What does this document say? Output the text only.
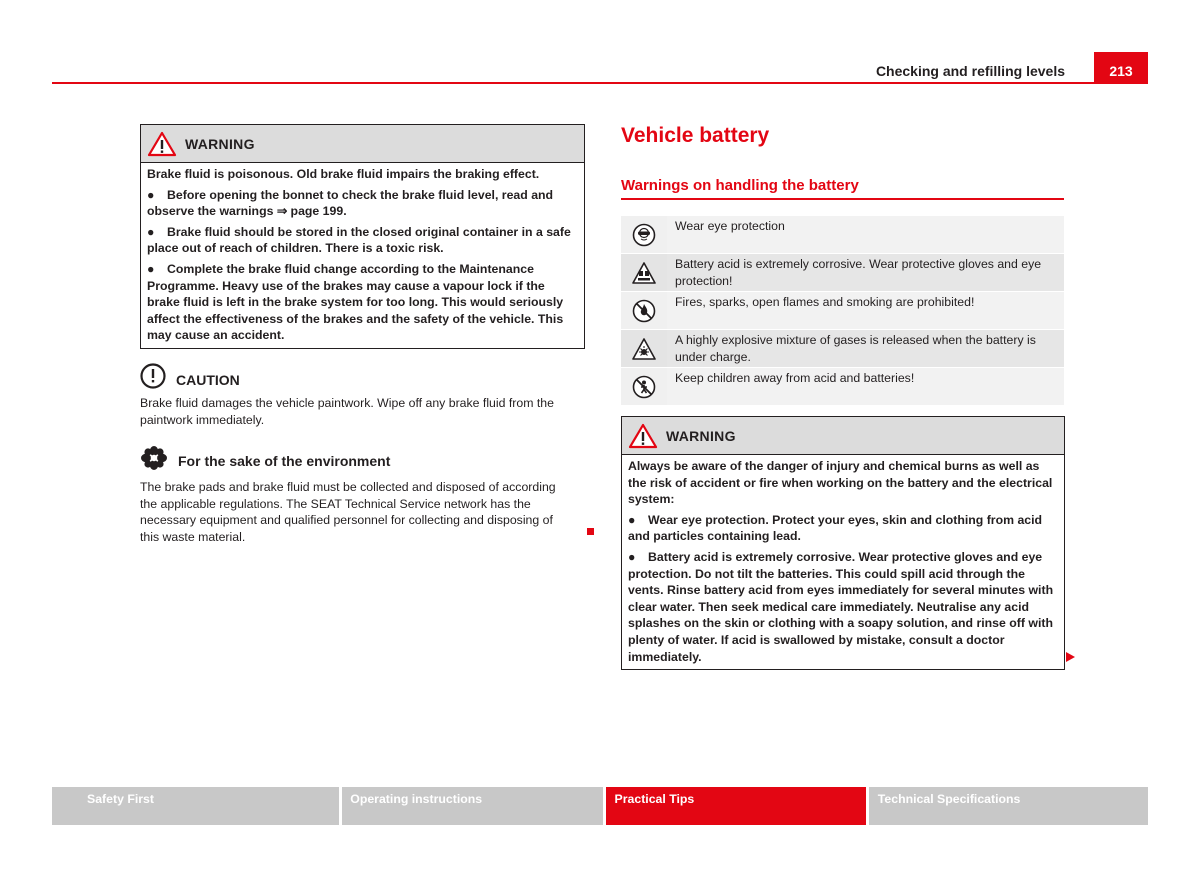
Checking and refilling levels	213
WARNING

Brake fluid is poisonous. Old brake fluid impairs the braking effect.

● Before opening the bonnet to check the brake fluid level, read and observe the warnings ⇒ page 199.

● Brake fluid should be stored in the closed original container in a safe place out of reach of children. There is a toxic risk.

● Complete the brake fluid change according to the Maintenance Programme. Heavy use of the brakes may cause a vapour lock if the brake fluid is left in the brake system for too long. This would seriously affect the effectiveness of the brakes and the safety of the vehicle. This may cause an accident.

CAUTION

Brake fluid damages the vehicle paintwork. Wipe off any brake fluid from the paintwork immediately.

For the sake of the environment

The brake pads and brake fluid must be collected and disposed of according the applicable regulations. The SEAT Technical Service network has the necessary equipment and qualified personnel for collecting and disposing of this waste material.

Vehicle battery
Warnings on handling the battery
Wear eye protection
Battery acid is extremely corrosive. Wear protective gloves and eye protection!
Fires, sparks, open flames and smoking are prohibited!
A highly explosive mixture of gases is released when the battery is under charge.
Keep children away from acid and batteries!
WARNING

Always be aware of the danger of injury and chemical burns as well as the risk of accident or fire when working on the battery and the electrical system:

● Wear eye protection. Protect your eyes, skin and clothing from acid and particles containing lead.

● Battery acid is extremely corrosive. Wear protective gloves and eye protection. Do not tilt the batteries. This could spill acid through the vents. Rinse battery acid from eyes immediately for several minutes with clear water. Then seek medical care immediately. Neutralise any acid splashes on the skin or clothing with a soapy solution, and rinse off with plenty of water. If acid is swallowed by mistake, consult a doctor immediately.

Safety First	Operating instructions	Practical Tips	Technical Specifications
